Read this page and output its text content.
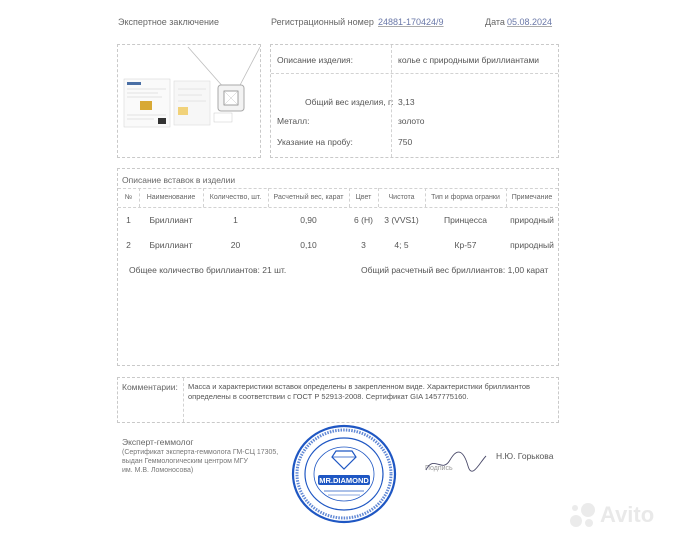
Экспертное заключение	Регистрационный номер 24881-170424/9	Дата 05.08.2024
Описание изделия:	колье с природными бриллиантами
Общий вес изделия, г: 3,13
Металл:	золото
Указание на пробу:	750
Описание вставок в изделии
№	Наименование	Количество, шт.	Расчетный вес, карат	Цвет	Чистота	Тип и форма огранки	Примечание
1	Бриллиант	1	0,90	6 (H)	3 (VVS1)	Принцесса	природный
2	Бриллиант	20	0,10	3	4; 5	Кр-57	природный
Общее количество бриллиантов: 21 шт.	Общий расчетный вес бриллиантов: 1,00 карат
Комментарии: Масса и характеристики вставок определены в закрепленном виде. Характеристики бриллиантов определены в соответствии с ГОСТ Р 52913-2008. Сертификат GIA 1457775160.
Эксперт-геммолог
(Сертификат эксперта-геммолога ГМ-СЦ 17305,
выдан Геммологическим центром МГУ
им. М.В. Ломоносова)
MR.DIAMOND
Подпись
Н.Ю. Горькова
Avito
